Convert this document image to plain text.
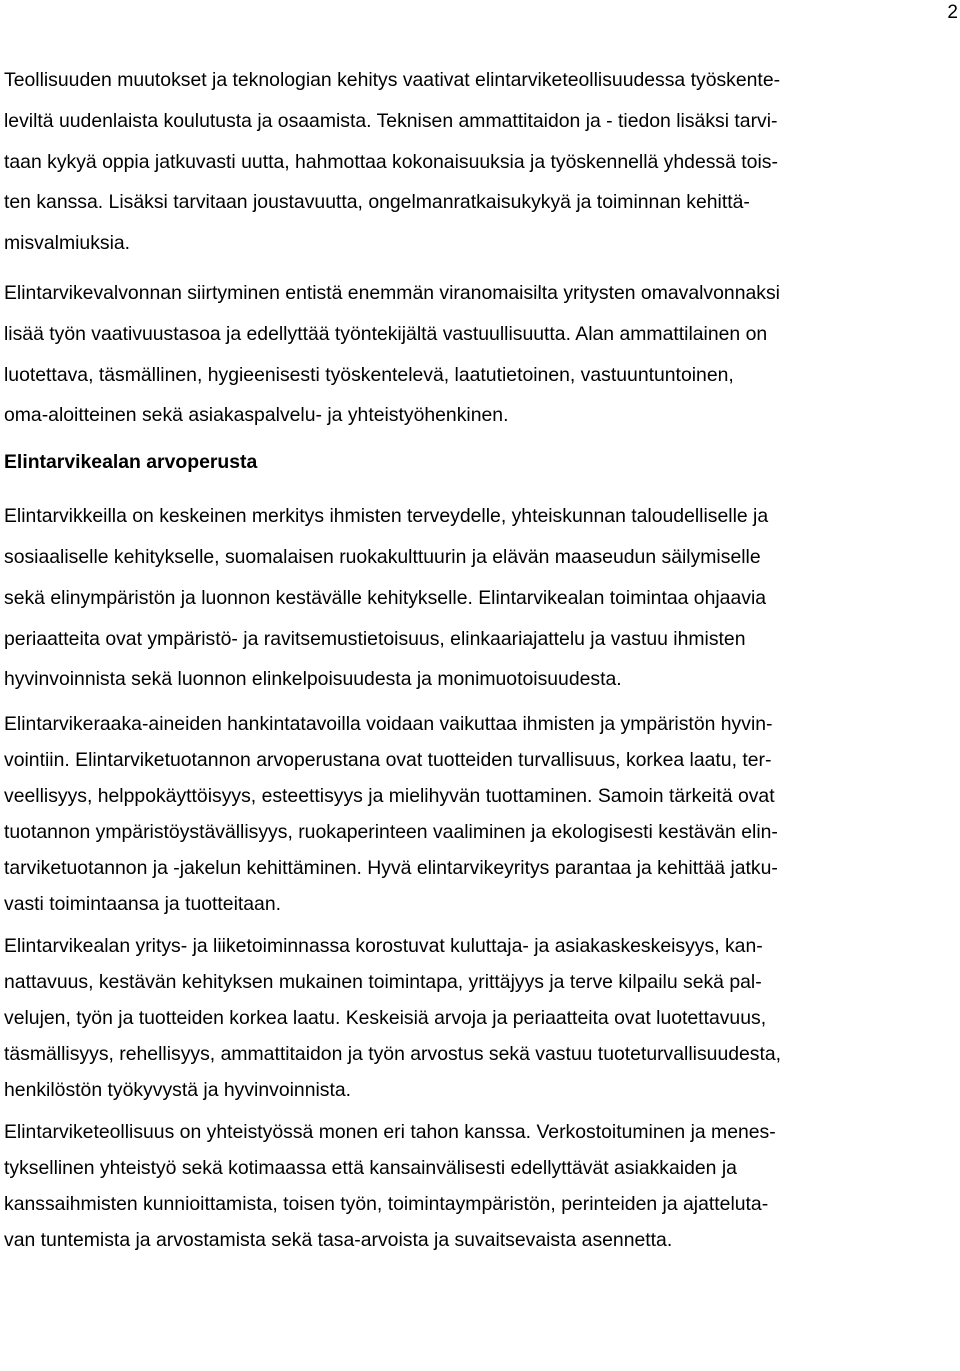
2
Teollisuuden muutokset ja teknologian kehitys vaativat elintarviketeollisuudessa työskente-
leviltä uudenlaista koulutusta ja osaamista. Teknisen ammattitaidon ja - tiedon lisäksi tarvi-
taan kykyä oppia jatkuvasti uutta, hahmottaa kokonaisuuksia ja työskennellä yhdessä tois-
ten kanssa. Lisäksi tarvitaan joustavuutta, ongelmanratkaisukykyä ja toiminnan kehittä-
misvalmiuksia.
Elintarvikevalvonnan siirtyminen entistä enemmän viranomaisilta yritysten omavalvonnaksi
lisää työn vaativuustasoa ja edellyttää työntekijältä vastuullisuutta. Alan ammattilainen on
luotettava, täsmällinen, hygieenisesti työskentelevä, laatutietoinen, vastuuntuntoinen,
oma-aloitteinen sekä asiakaspalvelu- ja yhteistyöhenkinen.
Elintarvikealan arvoperusta
Elintarvikkeilla on keskeinen merkitys ihmisten terveydelle, yhteiskunnan taloudelliselle ja
sosiaaliselle kehitykselle, suomalaisen ruokakulttuurin ja elävän maaseudun säilymiselle
sekä elinympäristön ja luonnon kestävälle kehitykselle. Elintarvikealan toimintaa ohjaavia
periaatteita ovat ympäristö- ja ravitsemustietoisuus, elinkaariajattelu ja vastuu ihmisten
hyvinvoinnista sekä luonnon elinkelpoisuudesta ja monimuotoisuudesta.
Elintarvikeraaka-aineiden hankintatavoilla voidaan vaikuttaa ihmisten ja ympäristön hyvin-
vointiin. Elintarviketuotannon arvoperustana ovat tuotteiden turvallisuus, korkea laatu, ter-
veellisyys, helppokäyttöisyys, esteettisyys ja mielihyvän tuottaminen. Samoin tärkeitä ovat
tuotannon ympäristöystävällisyys, ruokaperinteen vaaliminen ja ekologisesti kestävän elin-
tarviketuotannon ja -jakelun kehittäminen. Hyvä elintarvikeyritys parantaa ja kehittää jatku-
vasti toimintaansa ja tuotteitaan.
Elintarvikealan yritys- ja liiketoiminnassa korostuvat kuluttaja- ja asiakaskeskeisyys, kan-
nattavuus, kestävän kehityksen mukainen toimintapa, yrittäjyys ja terve kilpailu sekä pal-
velujen, työn ja tuotteiden korkea laatu. Keskeisiä arvoja ja periaatteita ovat luotettavuus,
täsmällisyys, rehellisyys, ammattitaidon ja työn arvostus sekä vastuu tuoteturvallisuudesta,
henkilöstön työkyvystä ja hyvinvoinnista.
Elintarviketeollisuus on yhteistyössä monen eri tahon kanssa. Verkostoituminen ja menes-
tyksellinen yhteistyö sekä kotimaassa että kansainvälisesti edellyttävät asiakkaiden ja
kanssaihmisten kunnioittamista, toisen työn, toimintaympäristön, perinteiden ja ajatteluta-
van tuntemista ja arvostamista sekä tasa-arvoista ja suvaitsevaista asennetta.
